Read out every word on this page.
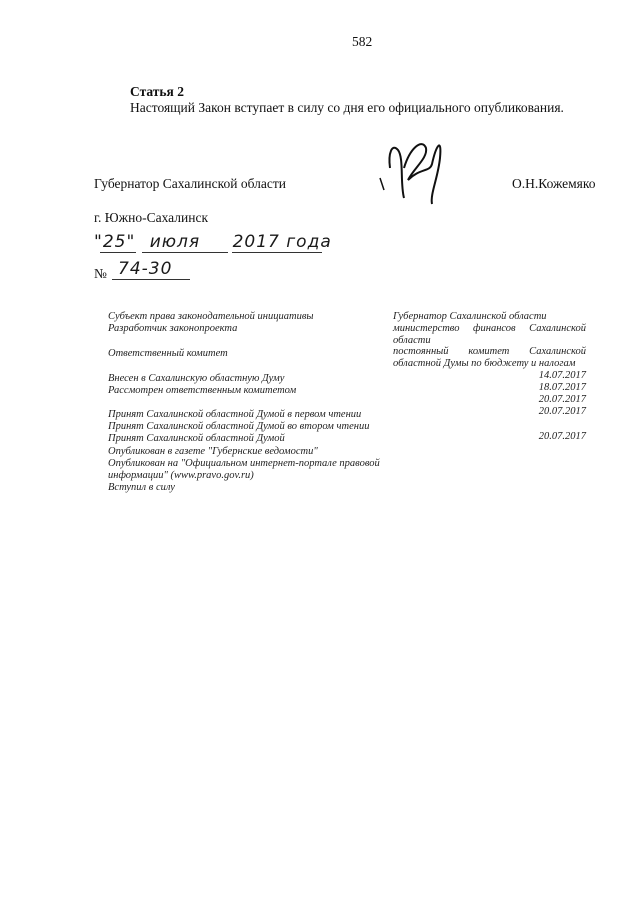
582
Статья 2
Настоящий Закон вступает в силу со дня его официального опубликования.
Губернатор Сахалинской области	О.Н.Кожемяко
г. Южно-Сахалинск
"25" июля 2017 года
№ 74-30
Субъект права законодательной инициативы
Разработчик законопроекта
Ответственный комитет
Внесен в Сахалинскую областную Думу
Рассмотрен ответственным комитетом
Принят Сахалинской областной Думой в первом чтении
Принят Сахалинской областной Думой во втором чтении
Принят Сахалинской областной Думой
Опубликован в газете "Губернские ведомости"
Опубликован на "Официальном интернет-портале правовой
информации" (www.pravo.gov.ru)
Вступил в силу
Губернатор Сахалинской области
министерство финансов Сахалинской
области
постоянный комитет Сахалинской
областной Думы по бюджету и налогам
14.07.2017
18.07.2017
20.07.2017
20.07.2017
20.07.2017
